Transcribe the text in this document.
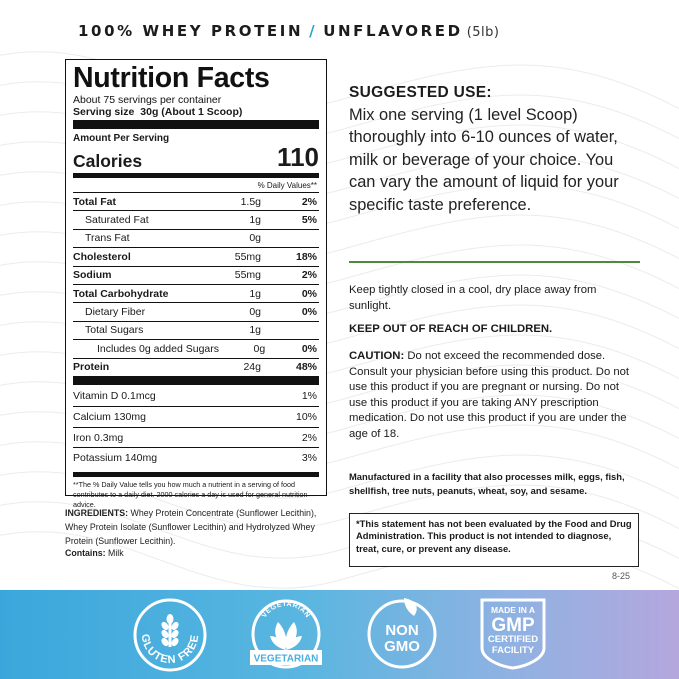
100% WHEY PROTEIN / UNFLAVORED (5lb)
Nutrition Facts
About 75 servings per container
Serving size 30g (About 1 Scoop)
Amount Per Serving
Calories	110
% Daily Values**
Total Fat	1.5g	2%
Saturated Fat	1g	5%
Trans Fat	0g
Cholesterol	55mg	18%
Sodium	55mg	2%
Total Carbohydrate	1g	0%
Dietary Fiber	0g	0%
Total Sugars	1g
Includes 0g added Sugars	0g	0%
Protein	24g	48%
Vitamin D 0.1mcg	1%
Calcium 130mg	10%
Iron 0.3mg	2%
Potassium 140mg	3%
**The % Daily Value tells you how much a nutrient in a serving of food contributes to a daily diet. 2000 calories a day is used for general nutrition advice.
INGREDIENTS: Whey Protein Concentrate (Sunflower Lecithin), Whey Protein Isolate (Sunflower Lecithin) and Hydrolyzed Whey Protein (Sunflower Lecithin).
Contains: Milk
SUGGESTED USE:
Mix one serving (1 level Scoop) thoroughly into 6-10 ounces of water, milk or beverage of your choice. You can vary the amount of liquid for your specific taste preference.
Keep tightly closed in a cool, dry place away from sunlight.
KEEP OUT OF REACH OF CHILDREN.
CAUTION: Do not exceed the recommended dose. Consult your physician before using this product. Do not use this product if you are pregnant or nursing. Do not use this product if you are taking ANY prescription medication. Do not use this product if you are under the age of 18.
Manufactured in a facility that also processes milk, eggs, fish, shellfish, tree nuts, peanuts, wheat, soy, and sesame.
*This statement has not been evaluated by the Food and Drug Administration. This product is not intended to diagnose, treat, cure, or prevent any disease.
8-25
GLUTEN FREE
VEGETARIAN
VEGETARIAN
NON
GMO
MADE IN A
GMP
CERTIFIED
FACILITY
